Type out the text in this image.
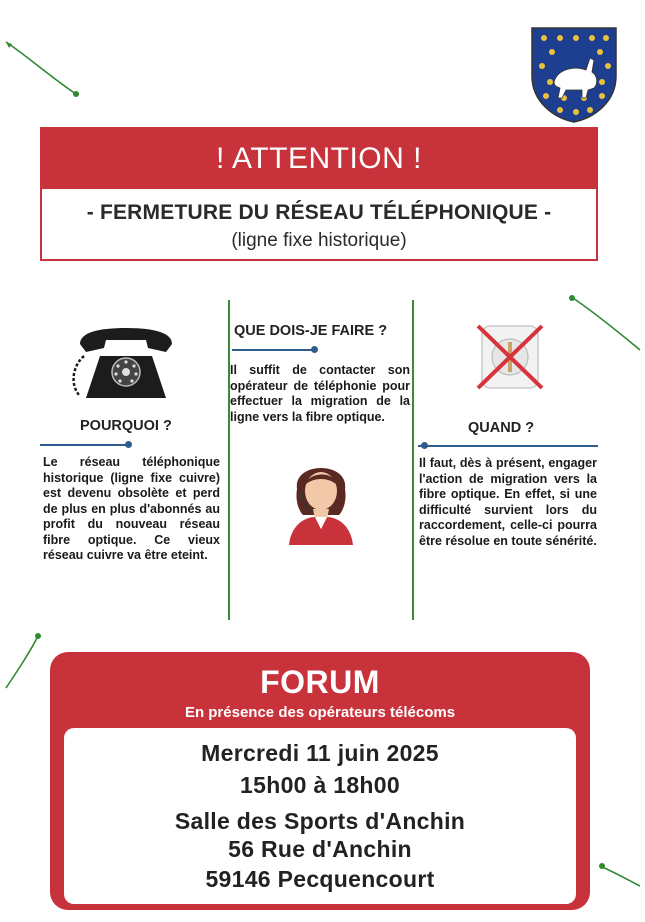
! ATTENTION !
- FERMETURE DU RÉSEAU TÉLÉPHONIQUE -
(ligne fixe historique)
POURQUOI ?
Le réseau téléphonique historique (ligne fixe cuivre) est devenu obsolète et perd de plus en plus d'abonnés au profit du nouveau réseau fibre optique. Ce vieux réseau cuivre va être eteint.
QUE DOIS-JE FAIRE ?
Il suffit de contacter son opérateur de téléphonie pour effectuer la migration de la ligne vers la fibre optique.
QUAND ?
Il faut, dès à présent, engager l'action de migration vers la fibre optique. En effet, si une difficulté survient lors du raccordement, celle-ci pourra être résolue en toute sénérité.
FORUM
En présence des opérateurs télécoms
Mercredi 11 juin 2025
15h00 à 18h00
Salle des Sports d'Anchin
56 Rue d'Anchin
59146 Pecquencourt
